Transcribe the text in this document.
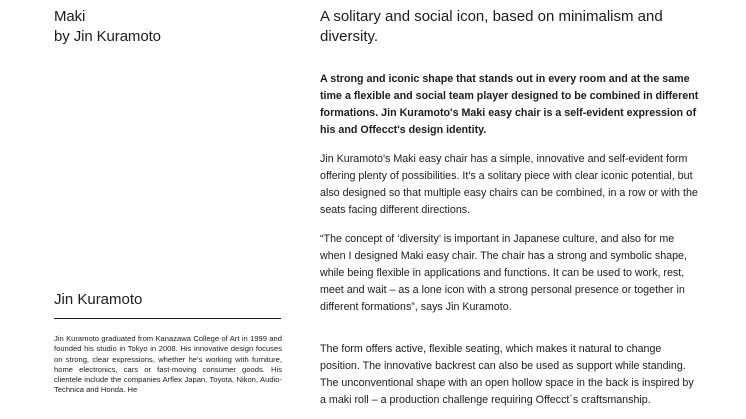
Maki
by Jin Kuramoto
Jin Kuramoto

Jin Kuramoto graduated from Kanazawa College of Art in 1999 and founded his studio in Tokyo in 2008. His innovative design focuses on strong, clear expressions, whether he's working with furniture, home electronics, cars or fast-moving consumer goods. His clientele include the companies Arflex Japan, Toyota, Nikon, Audio-Technica and Honda. He

A solitary and social icon, based on minimalism and diversity.

A strong and iconic shape that stands out in every room and at the same time a flexible and social team player designed to be combined in different formations. Jin Kuramoto's Maki easy chair is a self-evident expression of his and Offecct's design identity.

Jin Kuramoto's Maki easy chair has a simple, innovative and self-evident form offering plenty of possibilities. It's a solitary piece with clear iconic potential, but also designed so that multiple easy chairs can be combined, in a row or with the seats facing different directions.

“The concept of ‘diversity’ is important in Japanese culture, and also for me when I designed Maki easy chair. The chair has a strong and symbolic shape, while being flexible in applications and functions. It can be used to work, rest, meet and wait – as a lone icon with a strong personal presence or together in different formations”, says Jin Kuramoto.

The form offers active, flexible seating, which makes it natural to change position. The innovative backrest can also be used as support while standing. The unconventional shape with an open hollow space in the back is inspired by a maki roll – a production challenge requiring Offecct´s craftsmanship.
